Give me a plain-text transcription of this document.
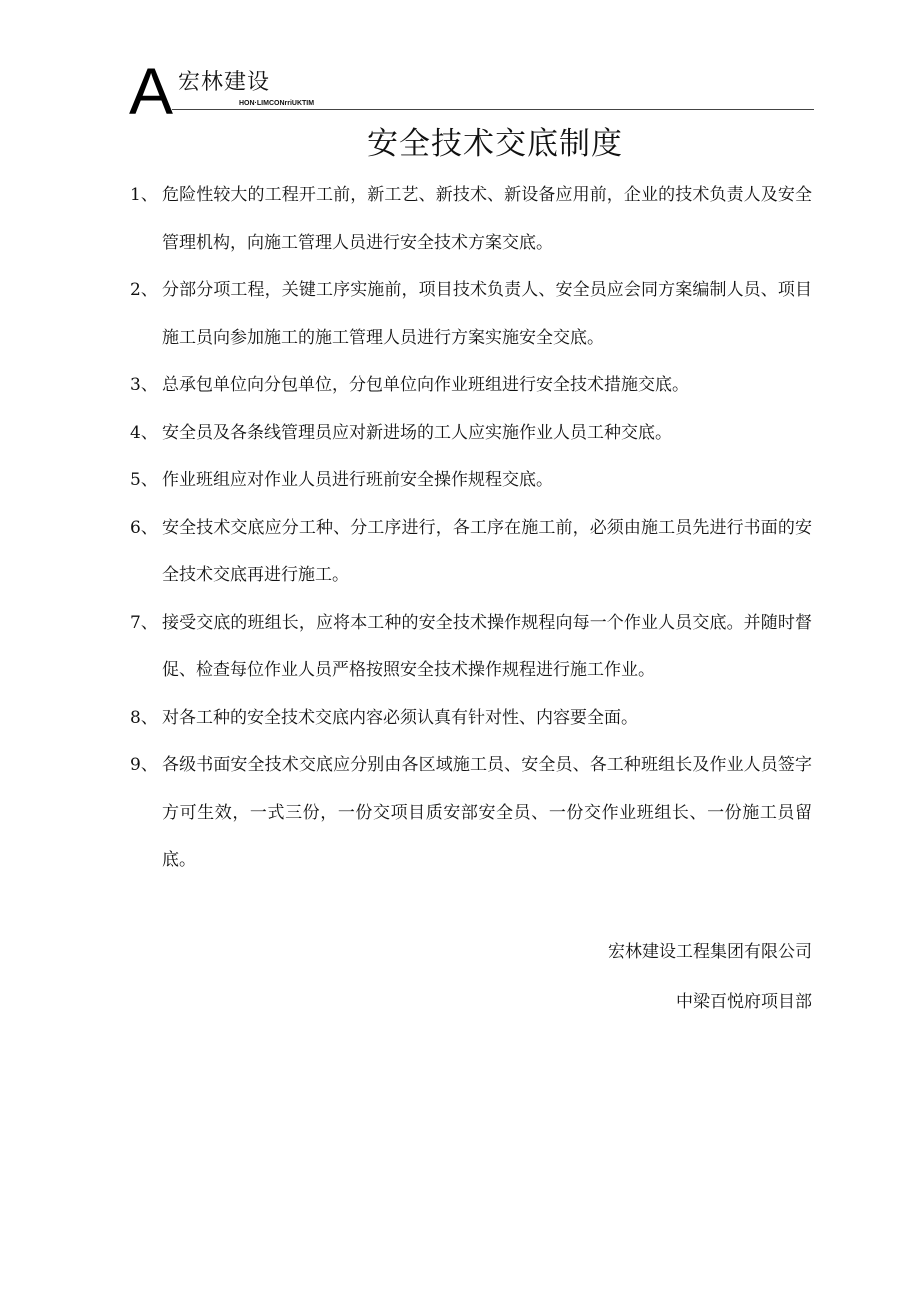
A 宏林建设
HON·LIMCONrriUKTIM
安全技术交底制度
1、 危险性较大的工程开工前，新工艺、新技术、新设备应用前，企业的技术负责人及安全管理机构，向施工管理人员进行安全技术方案交底。
2、 分部分项工程，关键工序实施前，项目技术负责人、安全员应会同方案编制人员、项目施工员向参加施工的施工管理人员进行方案实施安全交底。
3、 总承包单位向分包单位，分包单位向作业班组进行安全技术措施交底。
4、 安全员及各条线管理员应对新进场的工人应实施作业人员工种交底。
5、 作业班组应对作业人员进行班前安全操作规程交底。
6、 安全技术交底应分工种、分工序进行，各工序在施工前，必须由施工员先进行书面的安全技术交底再进行施工。
7、 接受交底的班组长，应将本工种的安全技术操作规程向每一个作业人员交底。并随时督促、检查每位作业人员严格按照安全技术操作规程进行施工作业。
8、 对各工种的安全技术交底内容必须认真有针对性、内容要全面。
9、 各级书面安全技术交底应分别由各区域施工员、安全员、各工种班组长及作业人员签字方可生效，一式三份，一份交项目质安部安全员、一份交作业班组长、一份施工员留底。
宏林建设工程集团有限公司
中梁百悦府项目部
